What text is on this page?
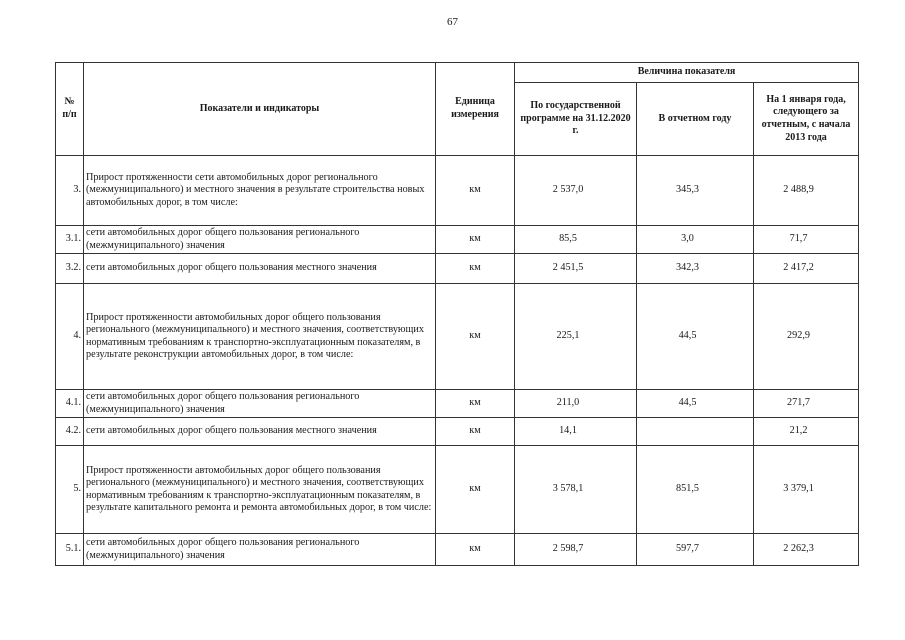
67
№ п/п	Показатели и индикаторы	Единица измерения	Величина показателя		
			По государственной программе на 31.12.2020 г.	В отчетном году	На 1 января года, следующего за отчетным, с начала 2013 года
3.	Прирост протяженности сети автомобильных дорог регионального (межмуниципального) и местного значения в результате строительства новых автомобильных дорог, в том числе:	км	2 537,0	345,3	2 488,9
3.1.	сети автомобильных дорог общего пользования регионального (межмуниципального) значения	км	85,5	3,0	71,7
3.2.	сети автомобильных дорог общего пользования местного значения	км	2 451,5	342,3	2 417,2
4.	Прирост протяженности автомобильных дорог общего пользования регионального (межмуниципального) и местного значения, соответствующих нормативным требованиям к транспортно-эксплуатационным показателям, в результате реконструкции автомобильных дорог, в том числе:	км	225,1	44,5	292,9
4.1.	сети автомобильных дорог общего пользования регионального (межмуниципального) значения	км	211,0	44,5	271,7
4.2.	сети автомобильных дорог общего пользования местного значения	км	14,1		21,2
5.	Прирост протяженности автомобильных дорог общего пользования регионального (межмуниципального) и местного значения, соответствующих нормативным требованиям к транспортно-эксплуатационным показателям, в результате капитального ремонта и ремонта автомобильных дорог, в том числе:	км	3 578,1	851,5	3 379,1
5.1.	сети автомобильных дорог общего пользования регионального (межмуниципального) значения	км	2 598,7	597,7	2 262,3
